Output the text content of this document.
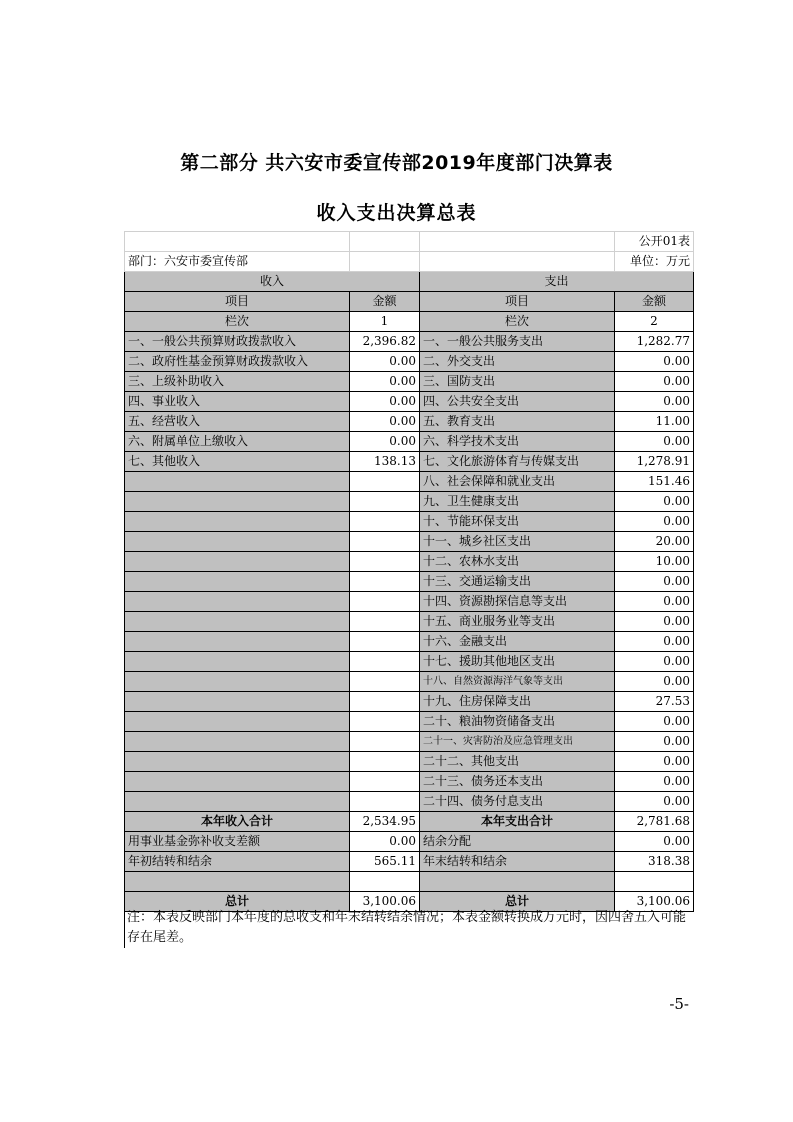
第二部分 共六安市委宣传部2019年度部门决算表
收入支出决算总表
			公开01表
部门：六安市委宣传部			单位：万元
收入		支出	
项目	金额	项目	金额
栏次	1	栏次	2
一、一般公共预算财政拨款收入	2,396.82	一、一般公共服务支出	1,282.77
二、政府性基金预算财政拨款收入	0.00	二、外交支出	0.00
三、上级补助收入	0.00	三、国防支出	0.00
四、事业收入	0.00	四、公共安全支出	0.00
五、经营收入	0.00	五、教育支出	11.00
六、附属单位上缴收入	0.00	六、科学技术支出	0.00
七、其他收入	138.13	七、文化旅游体育与传媒支出	1,278.91
		八、社会保障和就业支出	151.46
		九、卫生健康支出	0.00
		十、节能环保支出	0.00
		十一、城乡社区支出	20.00
		十二、农林水支出	10.00
		十三、交通运输支出	0.00
		十四、资源勘探信息等支出	0.00
		十五、商业服务业等支出	0.00
		十六、金融支出	0.00
		十七、援助其他地区支出	0.00
		十八、自然资源海洋气象等支出	0.00
		十九、住房保障支出	27.53
		二十、粮油物资储备支出	0.00
		二十一、灾害防治及应急管理支出	0.00
		二十二、其他支出	0.00
		二十三、债务还本支出	0.00
		二十四、债务付息支出	0.00
本年收入合计	2,534.95	本年支出合计	2,781.68
用事业基金弥补收支差额	0.00	结余分配	0.00
年初结转和结余	565.11	年末结转和结余	318.38

总计	3,100.06	总计	3,100.06
注：本表反映部门本年度的总收支和年末结转结余情况；本表金额转换成万元时，因四舍五入可能存在尾差。
-5-
